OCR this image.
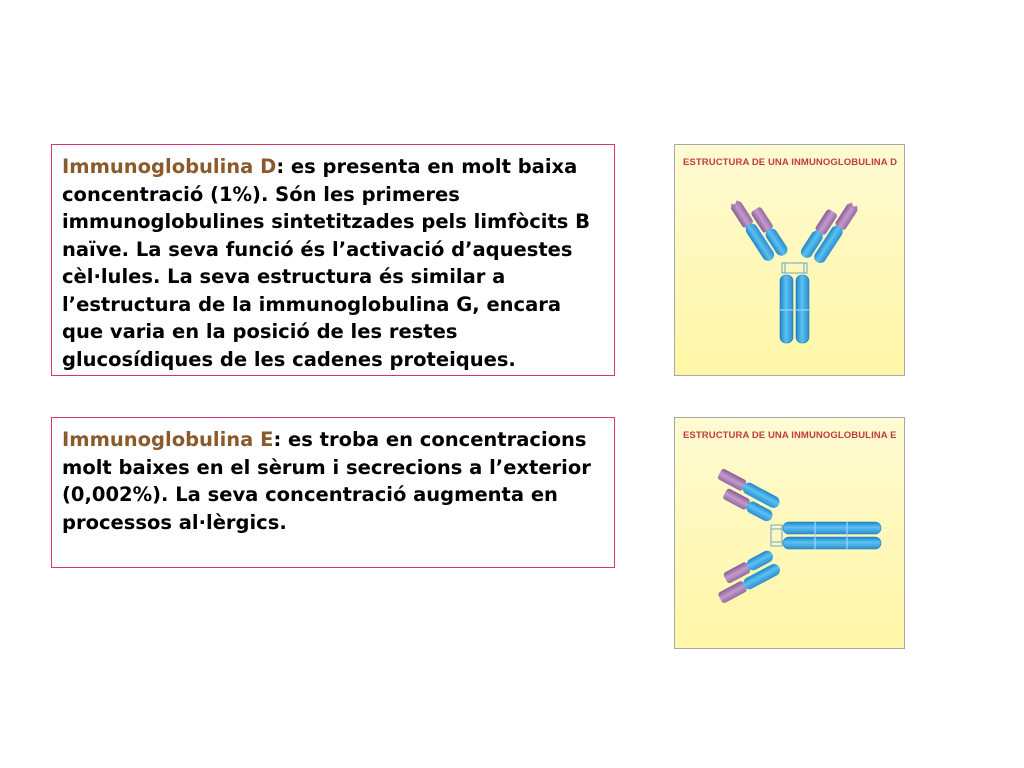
Immunoglobulina D: es presenta en molt baixa concentració (1%). Són les primeres immunoglobulines sintetitzades pels limfòcits B naïve. La seva funció és l’activació d’aquestes cèl·lules. La seva estructura és similar a l’estructura de la immunoglobulina G, encara que varia en la posició de les restes glucosídiques de les cadenes proteiques.
Immunoglobulina E: es troba en concentracions molt baixes en el sèrum i secrecions a l’exterior (0,002%). La seva concentració augmenta en processos al·lèrgics.
ESTRUCTURA DE UNA INMUNOGLOBULINA D
ESTRUCTURA DE UNA INMUNOGLOBULINA E
